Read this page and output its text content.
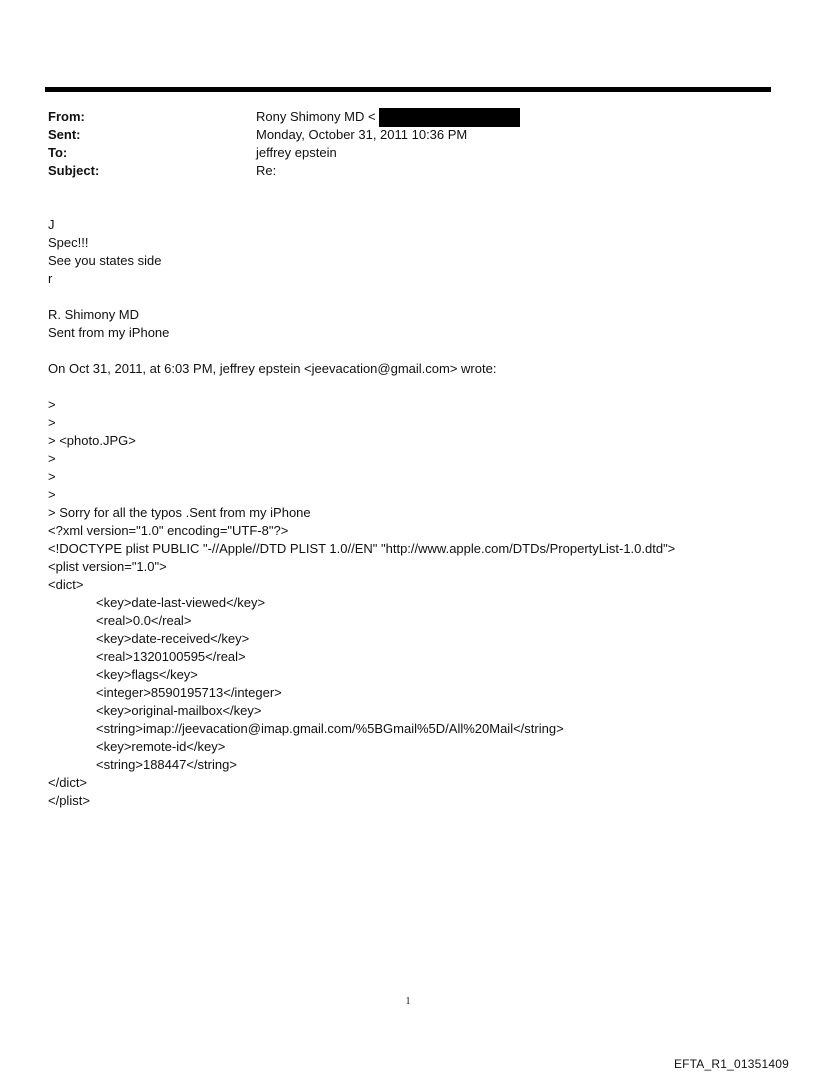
From:	Rony Shimony MD <
Sent:	Monday, October 31, 2011 10:36 PM
To:	jeffrey epstein
Subject:	Re:
J
Spec!!!
See you states side
r
R. Shimony MD
Sent from my iPhone
On Oct 31, 2011, at 6:03 PM, jeffrey epstein <jeevacation@gmail.com> wrote:
>
>
> <photo.JPG>
>
>
>
> Sorry for all the typos .Sent from my iPhone
<?xml version="1.0" encoding="UTF-8"?>
<!DOCTYPE plist PUBLIC "-//Apple//DTD PLIST 1.0//EN" "http://www.apple.com/DTDs/PropertyList-1.0.dtd">
<plist version="1.0">
<dict>
<key>date-last-viewed</key>
<real>0.0</real>
<key>date-received</key>
<real>1320100595</real>
<key>flags</key>
<integer>8590195713</integer>
<key>original-mailbox</key>
<string>imap://jeevacation@imap.gmail.com/%5BGmail%5D/All%20Mail</string>
<key>remote-id</key>
<string>188447</string>
</dict>
</plist>
1
EFTA_R1_01351409
